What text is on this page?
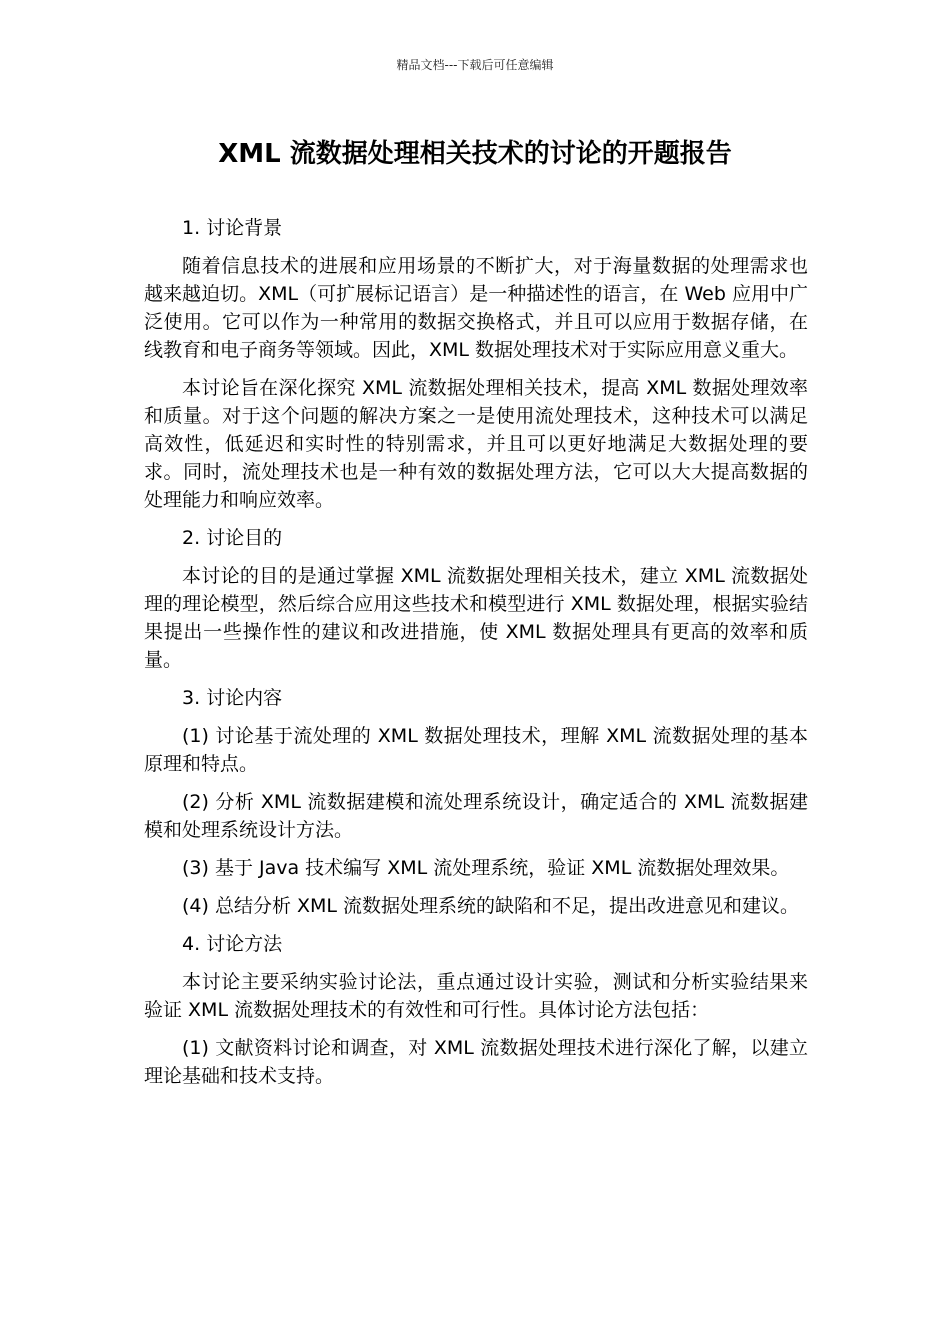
精品文档---下载后可任意编辑
XML 流数据处理相关技术的讨论的开题报告
1. 讨论背景
随着信息技术的进展和应用场景的不断扩大，对于海量数据的处理需求也越来越迫切。XML（可扩展标记语言）是一种描述性的语言，在 Web 应用中广泛使用。它可以作为一种常用的数据交换格式，并且可以应用于数据存储，在线教育和电子商务等领域。因此，XML 数据处理技术对于实际应用意义重大。
本讨论旨在深化探究 XML 流数据处理相关技术，提高 XML 数据处理效率和质量。对于这个问题的解决方案之一是使用流处理技术，这种技术可以满足高效性，低延迟和实时性的特别需求，并且可以更好地满足大数据处理的要求。同时，流处理技术也是一种有效的数据处理方法，它可以大大提高数据的处理能力和响应效率。
2. 讨论目的
本讨论的目的是通过掌握 XML 流数据处理相关技术，建立 XML 流数据处理的理论模型，然后综合应用这些技术和模型进行 XML 数据处理，根据实验结果提出一些操作性的建议和改进措施，使 XML 数据处理具有更高的效率和质量。
3. 讨论内容
(1) 讨论基于流处理的 XML 数据处理技术，理解 XML 流数据处理的基本原理和特点。
(2) 分析 XML 流数据建模和流处理系统设计，确定适合的 XML 流数据建模和处理系统设计方法。
(3) 基于 Java 技术编写 XML 流处理系统，验证 XML 流数据处理效果。
(4) 总结分析 XML 流数据处理系统的缺陷和不足，提出改进意见和建议。
4. 讨论方法
本讨论主要采纳实验讨论法，重点通过设计实验，测试和分析实验结果来验证 XML 流数据处理技术的有效性和可行性。具体讨论方法包括：
(1) 文献资料讨论和调查，对 XML 流数据处理技术进行深化了解，以建立理论基础和技术支持。
